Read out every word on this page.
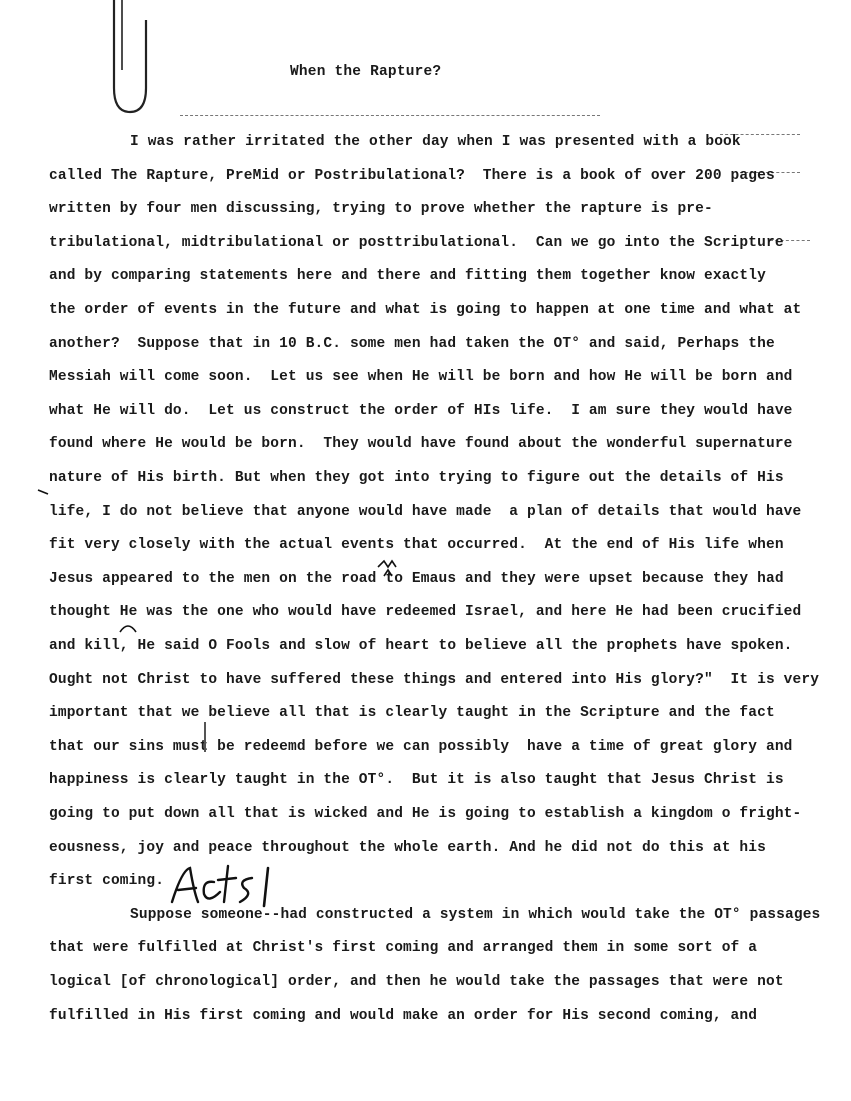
When the Rapture?
I was rather irritated the other day when I was presented with a book
called The Rapture, PreMid or Postribulational?  There is a book of over 200 pages
written by four men discussing, trying to prove whether the rapture is pre-
tribulational, midtribulational or posttribulational.  Can we go into the Scripture
and by comparing statements here and there and fitting them together know exactly
the order of events in the future and what is going to happen at one time and what at
another?  Suppose that in 10 B.C. some men had taken the OT° and said, Perhaps the
Messiah will come soon.  Let us see when He will be born and how He will be born and
what He will do.  Let us construct the order of HIs life.  I am sure they would have
found where He would be born.  They would have found about the wonderful supernature
nature of His birth. But when they got into trying to figure out the details of His
life, I do not believe that anyone would have made  a plan of details that would have
fit very closely with the actual events that occurred.  At the end of His life when
Jesus appeared to the men on the road to Emaus and they were upset because they had
thought He was the one who would have redeemed Israel, and here He had been crucified
and kill, He said O Fools and slow of heart to believe all the prophets have spoken.
Ought not Christ to have suffered these things and entered into His glory?"  It is very
important that we believe all that is clearly taught in the Scripture and the fact
that our sins must be redeemd before we can possibly  have a time of great glory and
happiness is clearly taught in the OT°.  But it is also taught that Jesus Christ is
going to put down all that is wicked and He is going to establish a kingdom o fright-
eousness, joy and peace throughout the whole earth. And he did not do this at his
first coming.
Suppose someone--had constructed a system in which would take the OT° passages
that were fulfilled at Christ's first coming and arranged them in some sort of a
logical [of chronological] order, and then he would take the passages that were not
fulfilled in His first coming and would make an order for His second coming, and
